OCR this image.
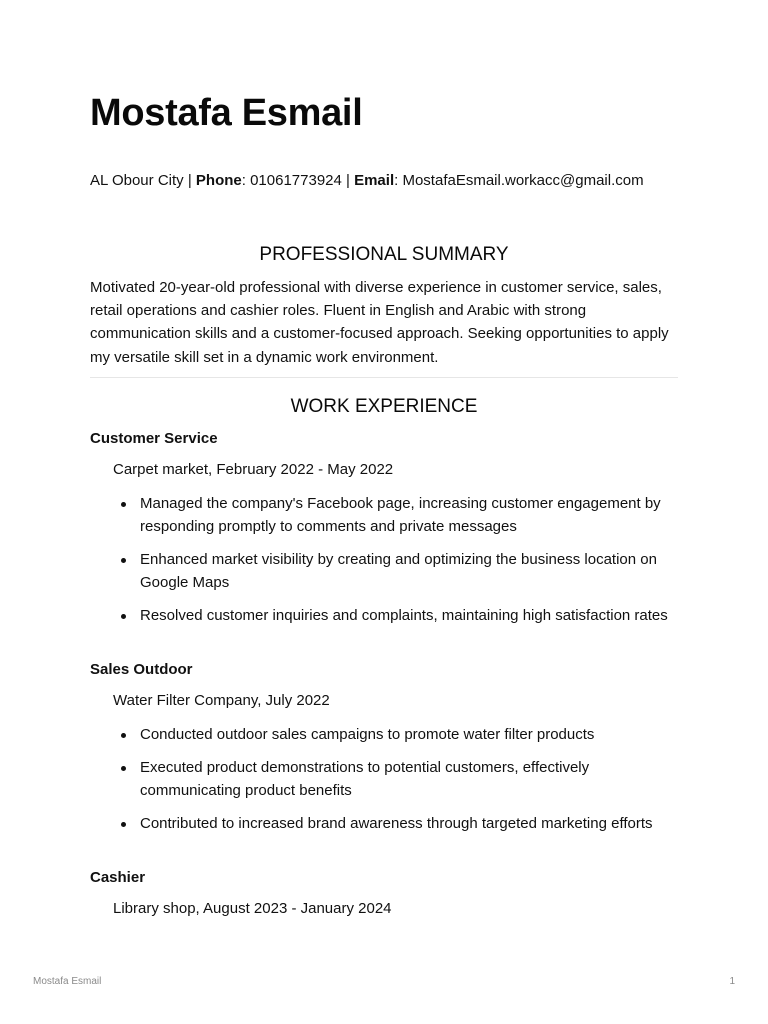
Mostafa Esmail
AL Obour City | Phone: 01061773924 | Email: MostafaEsmail.workacc@gmail.com
PROFESSIONAL SUMMARY

Motivated 20-year-old professional with diverse experience in customer service, sales, retail operations and cashier roles. Fluent in English and Arabic with strong communication skills and a customer-focused approach. Seeking opportunities to apply my versatile skill set in a dynamic work environment.

WORK EXPERIENCE
Customer Service
Carpet market, February 2022 - May 2022
Managed the company's Facebook page, increasing customer engagement by responding promptly to comments and private messages
Enhanced market visibility by creating and optimizing the business location on Google Maps
Resolved customer inquiries and complaints, maintaining high satisfaction rates
Sales Outdoor
Water Filter Company, July 2022
Conducted outdoor sales campaigns to promote water filter products
Executed product demonstrations to potential customers, effectively communicating product benefits
Contributed to increased brand awareness through targeted marketing efforts
Cashier
Library shop, August 2023 - January 2024
Mostafa Esmail	1
